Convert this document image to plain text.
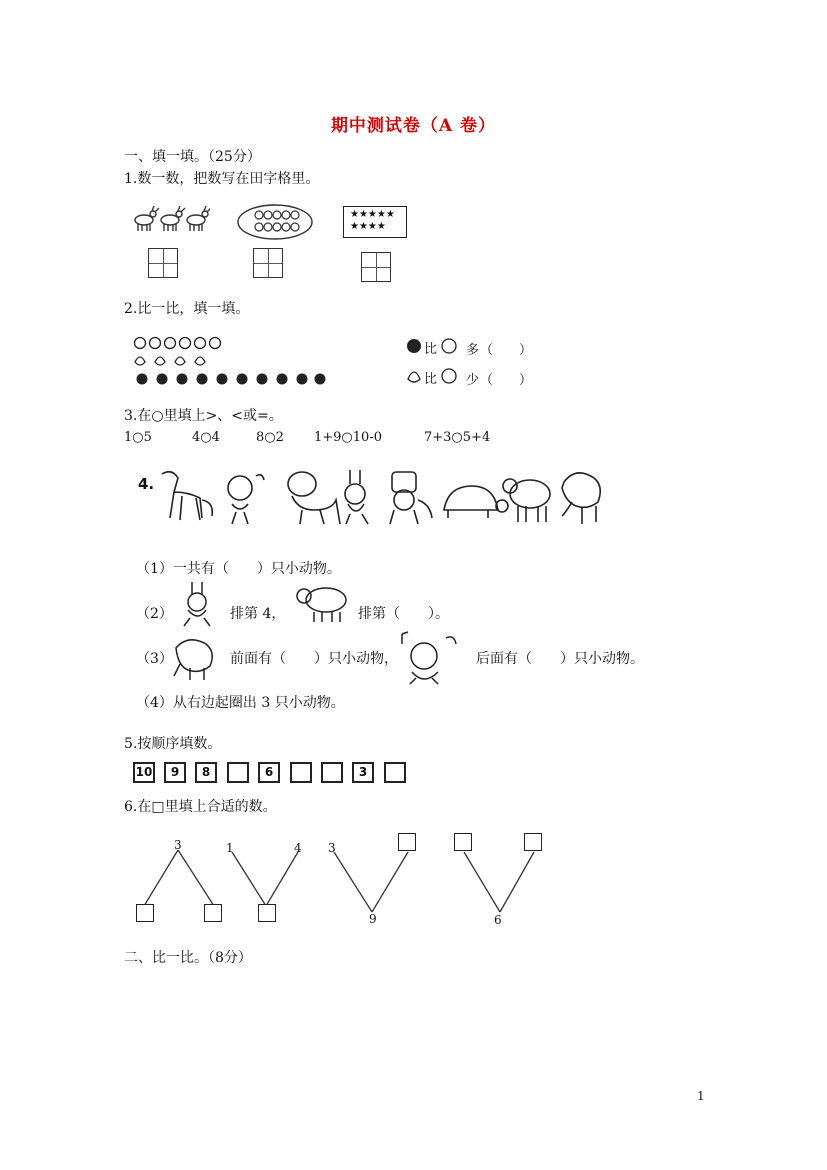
期中测试卷（A 卷）
一、填一填。（25分）
1.数一数，把数写在田字格里。
★★★★★
★★★★
2.比一比，填一填。
比 多 （　　）
比 少 （　　）
3.在○里填上>、<或=。
1○5	4○4	8○2 1+9○10-0	7+3○5+4
4.
（1）一共有（　　）只小动物。
（2）	排第 4，	排第（　　）。
（3）	前面有（　　）只小动物，	后面有（　　）只小动物。
（4）从右边起圈出 3 只小动物。
5.按顺序填数。
10	9	8	6	3
6.在□里填上合适的数。
3	1	4 3
9	6
二、比一比。（8分）
1
